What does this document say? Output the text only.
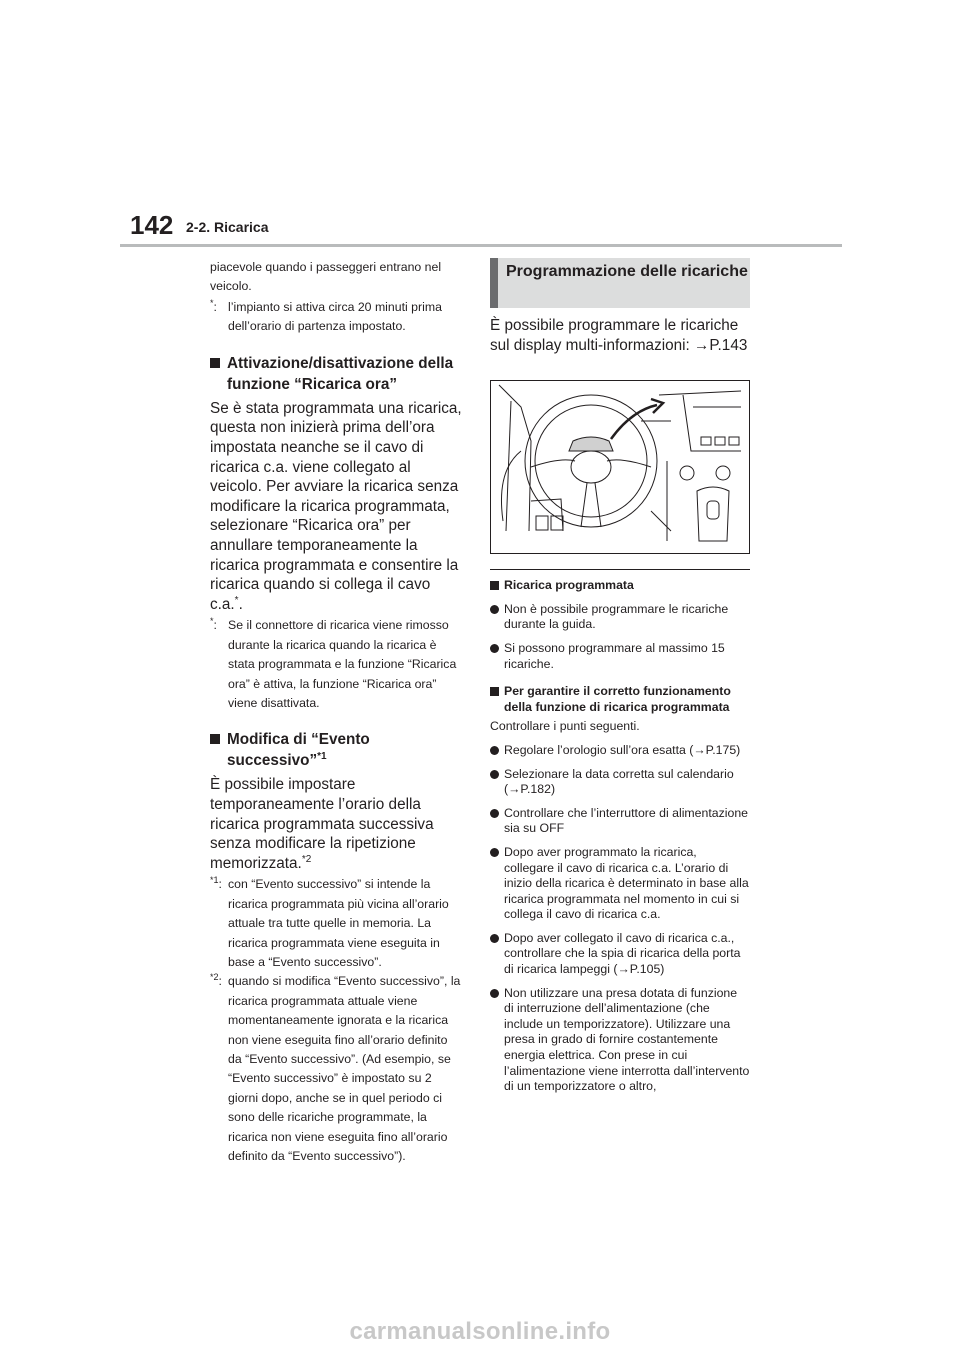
142 2-2. Ricarica

piacevole quando i passeggeri entrano nel veicolo.

*: l’impianto si attiva circa 20 minuti prima dell’orario di partenza impostato.
Attivazione/disattivazione della funzione “Ricarica ora”

Se è stata programmata una ricarica, questa non inizierà prima dell’ora impostata neanche se il cavo di ricarica c.a. viene collegato al veicolo. Per avviare la ricarica senza modificare la ricarica programmata, selezionare “Ricarica ora” per annullare temporaneamente la ricarica programmata e consentire la ricarica quando si collega il cavo c.a.*.

*: Se il connettore di ricarica viene rimosso durante la ricarica quando la ricarica è stata programmata e la funzione “Ricarica ora” è attiva, la funzione “Ricarica ora” viene disattivata.
Modifica di “Evento successivo”$^{*1}$

È possibile impostare temporaneamente l’orario della ricarica programmata successiva senza modificare la ripetizione memorizzata.$^{*2}$

$^{*1}$: con “Evento successivo” si intende la ricarica programmata più vicina all’orario attuale tra tutte quelle in memoria. La ricarica programmata viene eseguita in base a “Evento successivo”.
$^{*2}$: quando si modifica “Evento successivo”, la ricarica programmata attuale viene momentaneamente ignorata e la ricarica non viene eseguita fino all’orario definito da “Evento successivo”. (Ad esempio, se “Evento successivo” è impostato su 2 giorni dopo, anche se in quel periodo ci sono delle ricariche programmate, la ricarica non viene eseguita fino all’orario definito da “Evento successivo”).
Programmazione delle ricariche

È possibile programmare le ricariche sul display multi-informazioni: →P.143

Ricarica programmata
Non è possibile programmare le ricariche durante la guida.
Si possono programmare al massimo 15 ricariche.
Per garantire il corretto funzionamento della funzione di ricarica programmata

Controllare i punti seguenti.

Regolare l’orologio sull’ora esatta (→P.175)
Selezionare la data corretta sul calendario (→P.182)
Controllare che l’interruttore di alimentazione sia su OFF
Dopo aver programmato la ricarica, collegare il cavo di ricarica c.a. L’orario di inizio della ricarica è determinato in base alla ricarica programmata nel momento in cui si collega il cavo di ricarica c.a.
Dopo aver collegato il cavo di ricarica c.a., controllare che la spia di ricarica della porta di ricarica lampeggi (→P.105)
Non utilizzare una presa dotata di funzione di interruzione dell’alimentazione (che include un temporizzatore). Utilizzare una presa in grado di fornire costantemente energia elettrica. Con prese in cui l’alimentazione viene interrotta dall’intervento di un temporizzatore o altro,
carmanualsonline.info
